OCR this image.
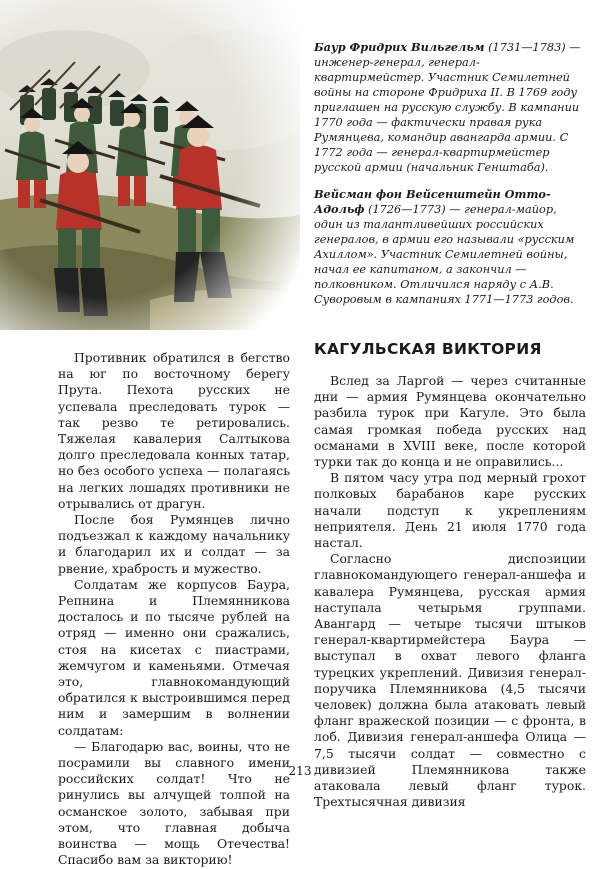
Баур Фридрих Вильгельм (1731—1783) — инженер-генерал, генерал-квартирмейстер. Участник Семилетней войны на стороне Фридриха II. В 1769 году приглашен на русскую службу. В кампании 1770 года — фактически правая рука Румянцева, командир авангарда армии. С 1772 года — генерал-квартирмейстер русской армии (начальник Генштаба).

Вейсман фон Вейсенштейн Отто-Адольф (1726—1773) — генерал-майор, один из талантливейших российских генералов, в армии его называли «русским Ахиллом». Участник Семилетней войны, начал ее капитаном, а закончил — полковником. Отличился наряду с А.В. Суворовым в кампаниях 1771—1773 годов.

Противник обратился в бегство на юг по восточному берегу Прута. Пехота русских не успевала преследовать турок — так резво те ретировались. Тяжелая кавалерия Салтыкова долго преследовала конных татар, но без особого успеха — полагаясь на легких лошадях противники не отрывались от драгун.

После боя Румянцев лично подъезжал к каждому начальнику и благодарил их и солдат — за рвение, храбрость и мужество.

Солдатам же корпусов Баура, Репнина и Племянникова досталось и по тысяче рублей на отряд — именно они сражались, стоя на кисетах с пиастрами, жемчугом и каменьями. Отмечая это, главнокомандующий обратился к выстроившимся перед ним и замершим в волнении солдатам:

— Благодарю вас, воины, что не посрамили вы славного имени российских солдат! Что не ринулись вы алчущей толпой на османское золото, забывая при этом, что главная добыча воинства — мощь Отечества! Спасибо вам за викторию!

КАГУЛЬСКАЯ ВИКТОРИЯ

Вслед за Ларгой — через считанные дни — армия Румянцева окончательно разбила турок при Кагуле. Это была самая громкая победа русских над османами в XVIII веке, после которой турки так до конца и не оправились...

В пятом часу утра под мерный грохот полковых барабанов каре русских начали подступ к укреплениям неприятеля. День 21 июля 1770 года настал.

Согласно диспозиции главнокомандующего генерал-аншефа и кавалера Румянцева, русская армия наступала четырьмя группами. Авангард — четыре тысячи штыков генерал-квартирмейстера Баура — выступал в охват левого фланга турецких укреплений. Дивизия генерал-поручика Племянникова (4,5 тысячи человек) должна была атаковать левый фланг вражеской позиции — с фронта, в лоб. Дивизия генерал-аншефа Олица — 7,5 тысячи солдат — совместно с дивизией Племянникова также атаковала левый фланг турок. Трехтысячная дивизия

213
